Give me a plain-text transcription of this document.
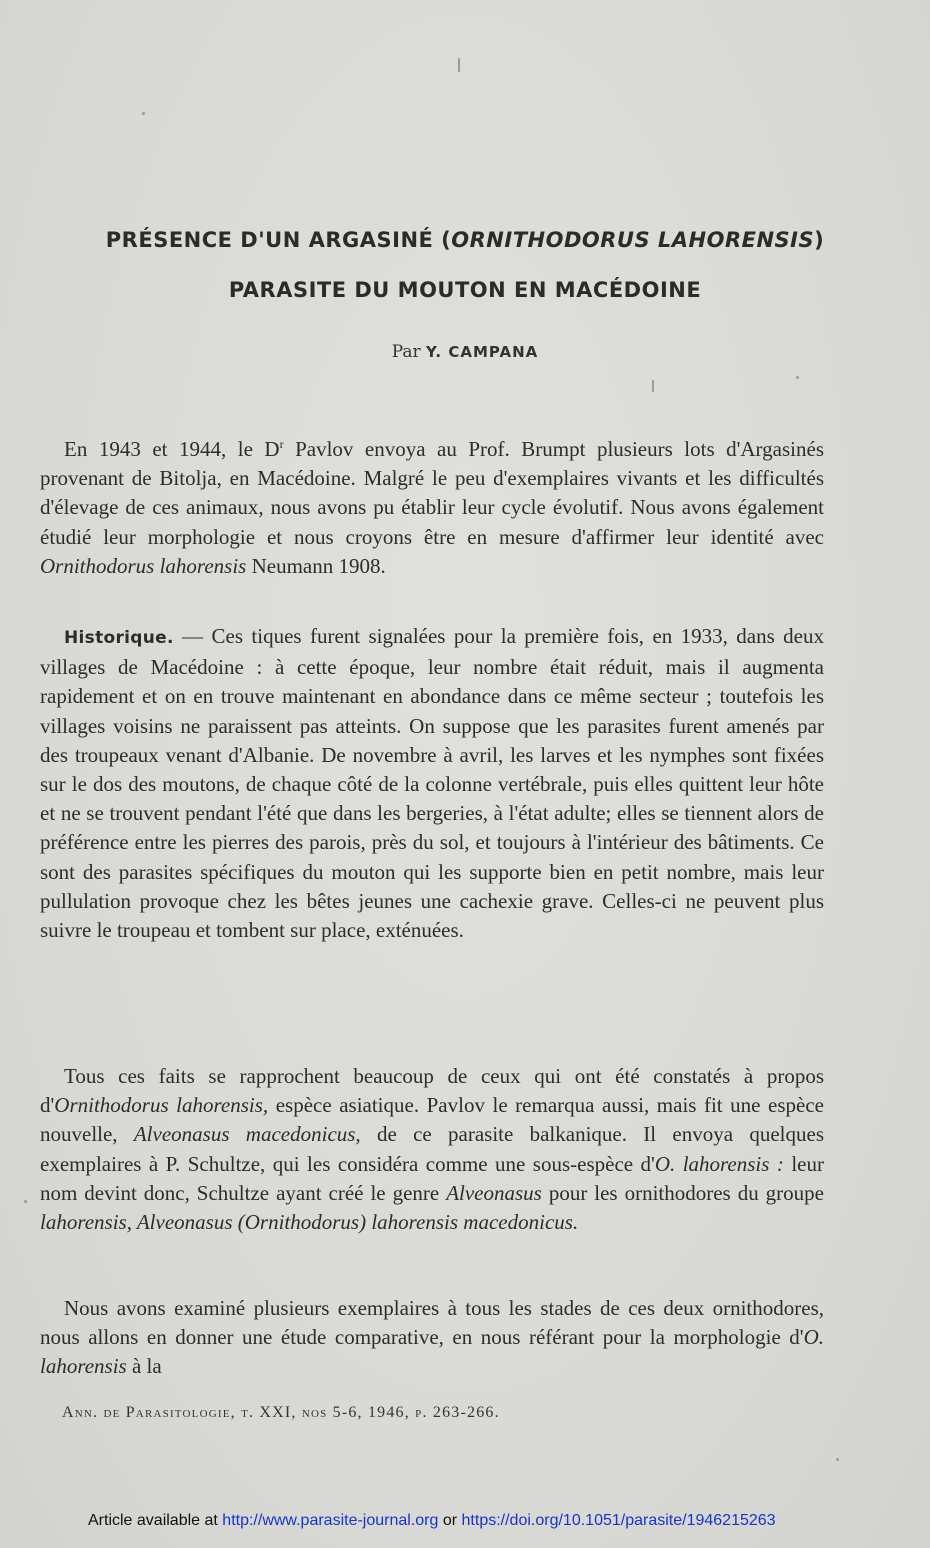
PRÉSENCE D'UN ARGASINÉ (ORNITHODORUS LAHORENSIS)
PARASITE DU MOUTON EN MACÉDOINE
Par Y. CAMPANA

En 1943 et 1944, le $D^r$ Pavlov envoya au Prof. Brumpt plusieurs lots d'Argasinés provenant de Bitolja, en Macédoine. Malgré le peu d'exemplaires vivants et les difficultés d'élevage de ces animaux, nous avons pu établir leur cycle évolutif. Nous avons également étudié leur morphologie et nous croyons être en mesure d'affirmer leur identité avec Ornithodorus lahorensis Neumann 1908.

Historique. — Ces tiques furent signalées pour la première fois, en 1933, dans deux villages de Macédoine : à cette époque, leur nombre était réduit, mais il augmenta rapidement et on en trouve maintenant en abondance dans ce même secteur ; toutefois les villages voisins ne paraissent pas atteints. On suppose que les parasites furent amenés par des troupeaux venant d'Albanie. De novembre à avril, les larves et les nymphes sont fixées sur le dos des moutons, de chaque côté de la colonne vertébrale, puis elles quittent leur hôte et ne se trouvent pendant l'été que dans les bergeries, à l'état adulte; elles se tiennent alors de préférence entre les pierres des parois, près du sol, et toujours à l'intérieur des bâtiments. Ce sont des parasites spécifiques du mouton qui les supporte bien en petit nombre, mais leur pullulation provoque chez les bêtes jeunes une cachexie grave. Celles-ci ne peuvent plus suivre le troupeau et tombent sur place, exténuées.

Tous ces faits se rapprochent beaucoup de ceux qui ont été constatés à propos d'Ornithodorus lahorensis, espèce asiatique. Pavlov le remarqua aussi, mais fit une espèce nouvelle, Alveonasus macedonicus, de ce parasite balkanique. Il envoya quelques exemplaires à P. Schultze, qui les considéra comme une sous-espèce d'O. lahorensis : leur nom devint donc, Schultze ayant créé le genre Alveonasus pour les ornithodores du groupe lahorensis, Alveonasus (Ornithodorus) lahorensis macedonicus.

Nous avons examiné plusieurs exemplaires à tous les stades de ces deux ornithodores, nous allons en donner une étude comparative, en nous référant pour la morphologie d'O. lahorensis à la

Ann. de Parasitologie, t. XXI, nos 5-6, 1946, p. 263-266.
Article available at http://www.parasite-journal.org or https://doi.org/10.1051/parasite/1946215263
